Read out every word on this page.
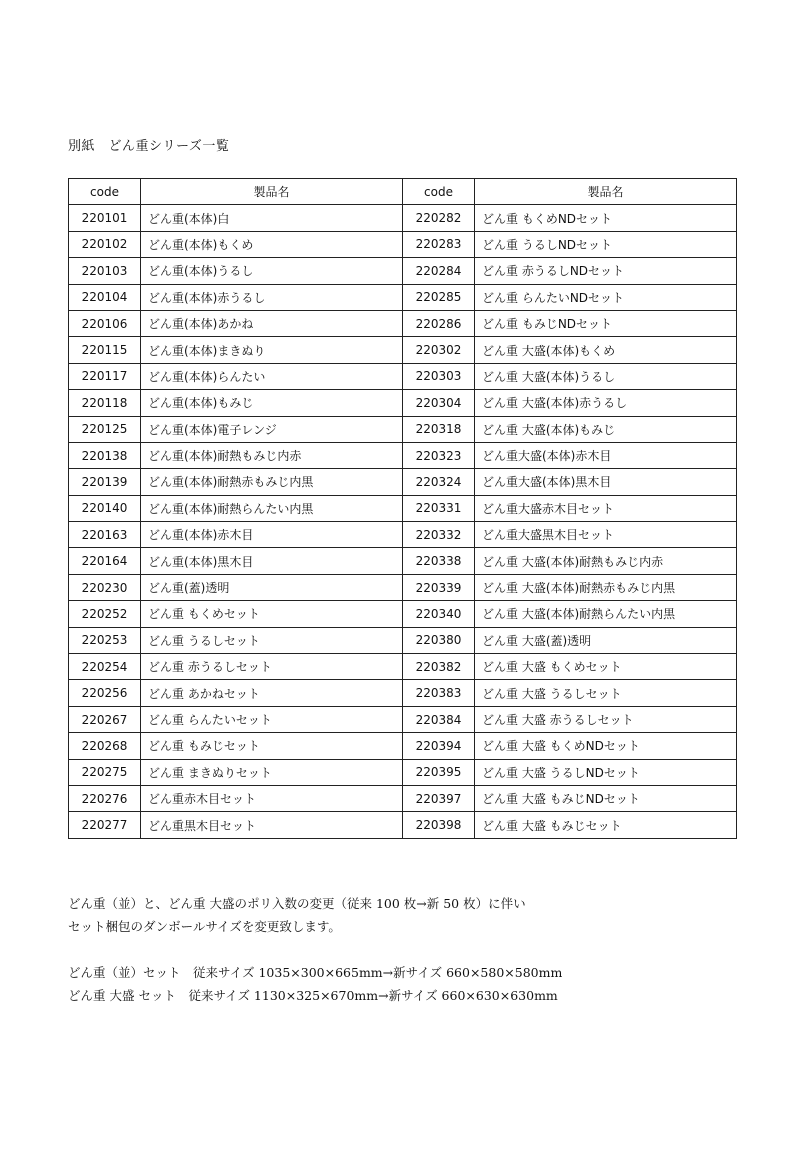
別紙　どん重シリーズ一覧
code	製品名	code	製品名
220101	どん重(本体)白	220282	どん重 もくめNDセット
220102	どん重(本体)もくめ	220283	どん重 うるしNDセット
220103	どん重(本体)うるし	220284	どん重 赤うるしNDセット
220104	どん重(本体)赤うるし	220285	どん重 らんたいNDセット
220106	どん重(本体)あかね	220286	どん重 もみじNDセット
220115	どん重(本体)まきぬり	220302	どん重 大盛(本体)もくめ
220117	どん重(本体)らんたい	220303	どん重 大盛(本体)うるし
220118	どん重(本体)もみじ	220304	どん重 大盛(本体)赤うるし
220125	どん重(本体)電子レンジ	220318	どん重 大盛(本体)もみじ
220138	どん重(本体)耐熱もみじ内赤	220323	どん重大盛(本体)赤木目
220139	どん重(本体)耐熱赤もみじ内黒	220324	どん重大盛(本体)黒木目
220140	どん重(本体)耐熱らんたい内黒	220331	どん重大盛赤木目セット
220163	どん重(本体)赤木目	220332	どん重大盛黒木目セット
220164	どん重(本体)黒木目	220338	どん重 大盛(本体)耐熱もみじ内赤
220230	どん重(蓋)透明	220339	どん重 大盛(本体)耐熱赤もみじ内黒
220252	どん重 もくめセット	220340	どん重 大盛(本体)耐熱らんたい内黒
220253	どん重 うるしセット	220380	どん重 大盛(蓋)透明
220254	どん重 赤うるしセット	220382	どん重 大盛 もくめセット
220256	どん重 あかねセット	220383	どん重 大盛 うるしセット
220267	どん重 らんたいセット	220384	どん重 大盛 赤うるしセット
220268	どん重 もみじセット	220394	どん重 大盛 もくめNDセット
220275	どん重 まきぬりセット	220395	どん重 大盛 うるしNDセット
220276	どん重赤木目セット	220397	どん重 大盛 もみじNDセット
220277	どん重黒木目セット	220398	どん重 大盛 もみじセット

どん重（並）と、どん重 大盛のポリ入数の変更（従来 100 枚→新 50 枚）に伴い

セット梱包のダンボールサイズを変更致します。

どん重（並）セット　従来サイズ 1035×300×665mm→新サイズ 660×580×580mm

どん重 大盛 セット　従来サイズ 1130×325×670mm→新サイズ 660×630×630mm
